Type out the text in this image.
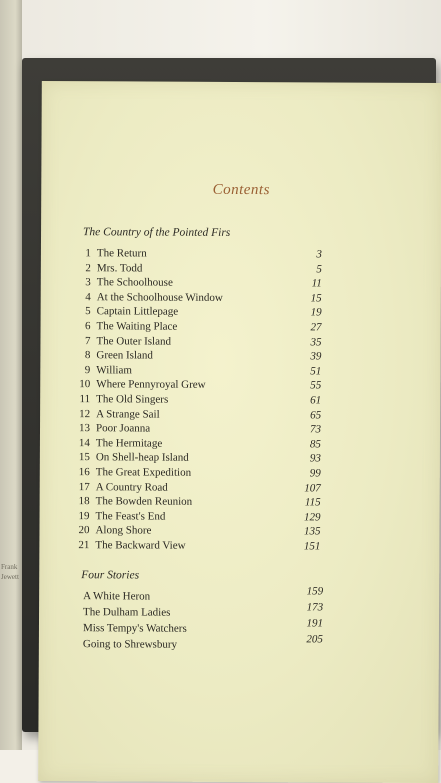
Frank
Jewett
Contents
The Country of the Pointed Firs
Four Stories
1 The Return	3
2 Mrs. Todd	5
3 The Schoolhouse	11
4 At the Schoolhouse Window	15
5 Captain Littlepage	19
6 The Waiting Place	27
7 The Outer Island	35
8 Green Island	39
9 William	51
10 Where Pennyroyal Grew	55
11 The Old Singers	61
12 A Strange Sail	65
13 Poor Joanna	73
14 The Hermitage	85
15 On Shell-heap Island	93
16 The Great Expedition	99
17 A Country Road	107
18 The Bowden Reunion	115
19 The Feast's End	129
20 Along Shore	135
21 The Backward View	151
A White Heron	159
The Dulham Ladies	173
Miss Tempy's Watchers	191
Going to Shrewsbury	205
